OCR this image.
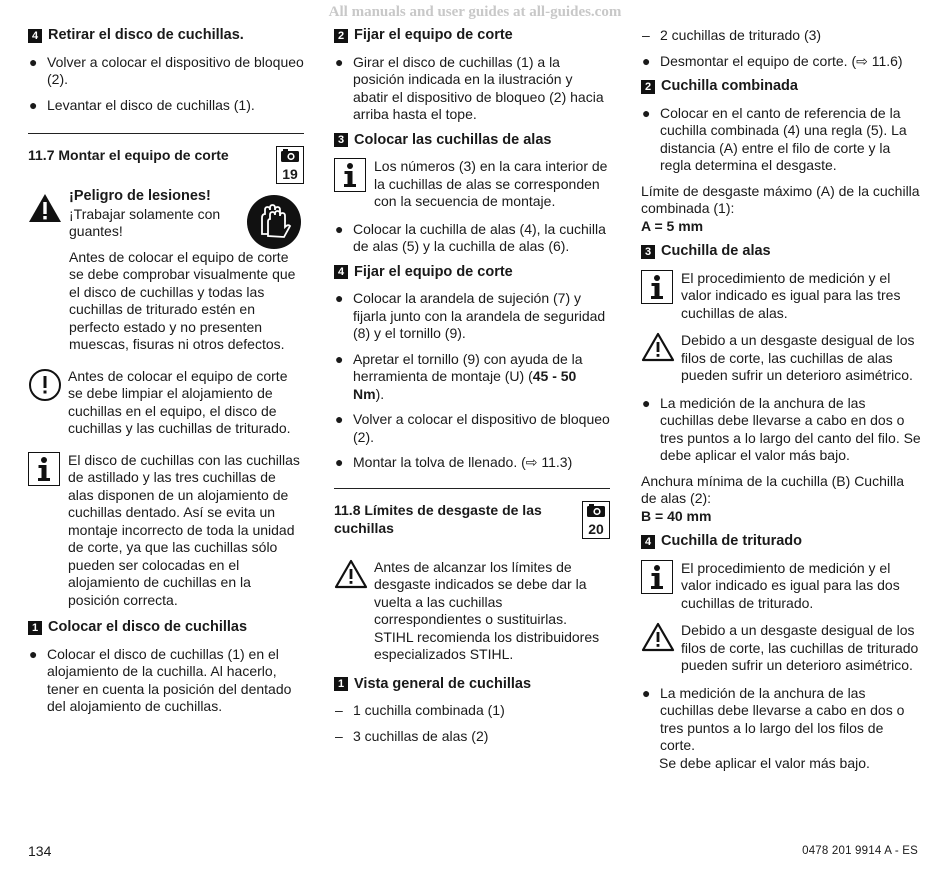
All manuals and user guides at all-guides.com
4 Retirar el disco de cuchillas.
● Volver a colocar el dispositivo de bloqueo (2).
● Levantar el disco de cuchillas (1).
11.7 Montar el equipo de corte
19
¡Peligro de lesiones!
¡Trabajar solamente con guantes!
Antes de colocar el equipo de corte se debe comprobar visualmente que el disco de cuchillas y todas las cuchillas de triturado estén en perfecto estado y no presenten muescas, fisuras ni otros defectos.
Antes de colocar el equipo de corte se debe limpiar el alojamiento de cuchillas en el equipo, el disco de cuchillas y las cuchillas de triturado.
El disco de cuchillas con las cuchillas de astillado y las tres cuchillas de alas disponen de un alojamiento de cuchillas dentado. Así se evita un montaje incorrecto de toda la unidad de corte, ya que las cuchillas sólo pueden ser colocadas en el alojamiento de cuchillas en la posición correcta.
1 Colocar el disco de cuchillas
● Colocar el disco de cuchillas (1) en el alojamiento de la cuchilla. Al hacerlo, tener en cuenta la posición del dentado del alojamiento de cuchillas.
2 Fijar el equipo de corte
● Girar el disco de cuchillas (1) a la posición indicada en la ilustración y abatir el dispositivo de bloqueo (2) hacia arriba hasta el tope.
3 Colocar las cuchillas de alas
Los números (3) en la cara interior de la cuchillas de alas se corresponden con la secuencia de montaje.
● Colocar la cuchilla de alas (4), la cuchilla de alas (5) y la cuchilla de alas (6).
4 Fijar el equipo de corte
● Colocar la arandela de sujeción (7) y fijarla junto con la arandela de seguridad (8) y el tornillo (9).
● Apretar el tornillo (9) con ayuda de la herramienta de montaje (U) (45 - 50 Nm).
● Volver a colocar el dispositivo de bloqueo (2).
● Montar la tolva de llenado. (⇨ 11.3)
11.8 Límites de desgaste de las cuchillas	20
Antes de alcanzar los límites de desgaste indicados se debe dar la vuelta a las cuchillas correspondientes o sustituirlas. STIHL recomienda los distribuidores especializados STIHL.
1 Vista general de cuchillas
– 1 cuchilla combinada (1)
– 3 cuchillas de alas (2)
– 2 cuchillas de triturado (3)
● Desmontar el equipo de corte. (⇨ 11.6)
2 Cuchilla combinada
● Colocar en el canto de referencia de la cuchilla combinada (4) una regla (5). La distancia (A) entre el filo de corte y la regla determina el desgaste.
Límite de desgaste máximo (A) de la cuchilla combinada (1):
A = 5 mm
3 Cuchilla de alas
El procedimiento de medición y el valor indicado es igual para las tres cuchillas de alas.
Debido a un desgaste desigual de los filos de corte, las cuchillas de alas pueden sufrir un deterioro asimétrico.
● La medición de la anchura de las cuchillas debe llevarse a cabo en dos o tres puntos a lo largo del canto del filo. Se debe aplicar el valor más bajo.
Anchura mínima de la cuchilla (B) Cuchilla de alas (2):
B = 40 mm
4 Cuchilla de triturado
El procedimiento de medición y el valor indicado es igual para las dos cuchillas de triturado.
Debido a un desgaste desigual de los filos de corte, las cuchillas de triturado pueden sufrir un deterioro asimétrico.
● La medición de la anchura de las cuchillas debe llevarse a cabo en dos o tres puntos a lo largo del los filos de corte.
Se debe aplicar el valor más bajo.
134	0478 201 9914 A - ES
